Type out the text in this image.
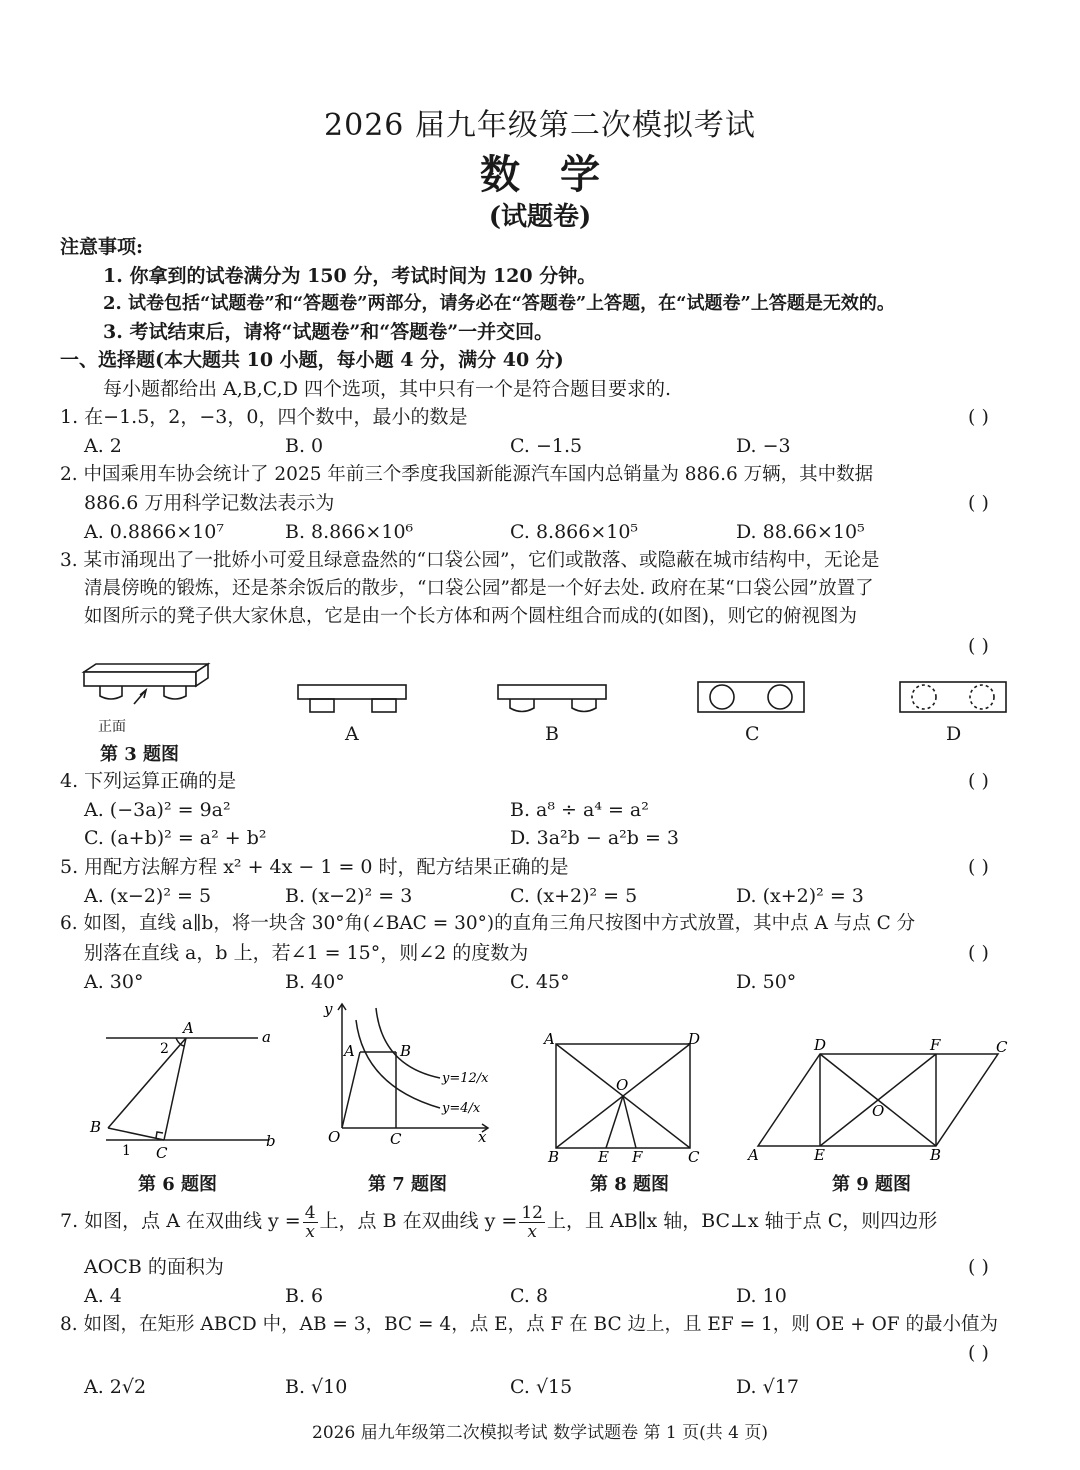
2026 届九年级第二次模拟考试
数学
(试题卷)
注意事项:
1. 你拿到的试卷满分为 150 分，考试时间为 120 分钟。
2. 试卷包括“试题卷”和“答题卷”两部分，请务必在“答题卷”上答题，在“试题卷”上答题是无效的。
3. 考试结束后，请将“试题卷”和“答题卷”一并交回。
一、选择题(本大题共 10 小题，每小题 4 分，满分 40 分)
每小题都给出 A,B,C,D 四个选项，其中只有一个是符合题目要求的.
1. 在−1.5，2，−3，0，四个数中，最小的数是	( )
A. 2	B. 0	C. −1.5	D. −3
2. 中国乘用车协会统计了 2025 年前三个季度我国新能源汽车国内总销量为 886.6 万辆，其中数据
886.6 万用科学记数法表示为	( )
A. 0.8866×10⁷	B. 8.866×10⁶	C. 8.866×10⁵	D. 88.66×10⁵
3. 某市涌现出了一批娇小可爱且绿意盎然的“口袋公园”，它们或散落、或隐蔽在城市结构中，无论是
清晨傍晚的锻炼，还是茶余饭后的散步，“口袋公园”都是一个好去处. 政府在某“口袋公园”放置了
如图所示的凳子供大家休息，它是由一个长方体和两个圆柱组合而成的(如图)，则它的俯视图为
( )
正面
第 3 题图
A	B	C	D
4. 下列运算正确的是	( )
A. (−3a)² = 9a²	B. a⁸ ÷ a⁴ = a²
C. (a+b)² = a² + b²	D. 3a²b − a²b = 3
5. 用配方法解方程 x² + 4x − 1 = 0 时，配方结果正确的是	( )
A. (x−2)² = 5	B. (x−2)² = 3	C. (x+2)² = 5	D. (x+2)² = 3
6. 如图，直线 a∥b，将一块含 30°角(∠BAC = 30°)的直角三角尺按图中方式放置，其中点 A 与点 C 分
别落在直线 a，b 上，若∠1 = 15°，则∠2 的度数为	( )
A. 30°	B. 40°	C. 45°	D. 50°
A	a
2
B
1 C
b
第 6 题图
y
A	B
O	C	x
y=12/x
y=4/x
第 7 题图
A	D
O
B	E F	C
第 8 题图
D	F	C
O
A	E	B
第 9 题图
7. 如图，点 A 在双曲线 $y = \frac{4}{x}$ 上，点 B 在双曲线 $y = \frac{12}{x}$ 上，且 AB∥x 轴，BC⊥x 轴于点 C，则四边形
AOCB 的面积为	( )
A. 4	B. 6	C. 8	D. 10
8. 如图，在矩形 ABCD 中，AB = 3，BC = 4，点 E，点 F 在 BC 边上，且 EF = 1，则 OE + OF 的最小值为
( )
A. 2√2	B. √10	C. √15	D. √17
2026 届九年级第二次模拟考试 数学试题卷 第 1 页(共 4 页)
